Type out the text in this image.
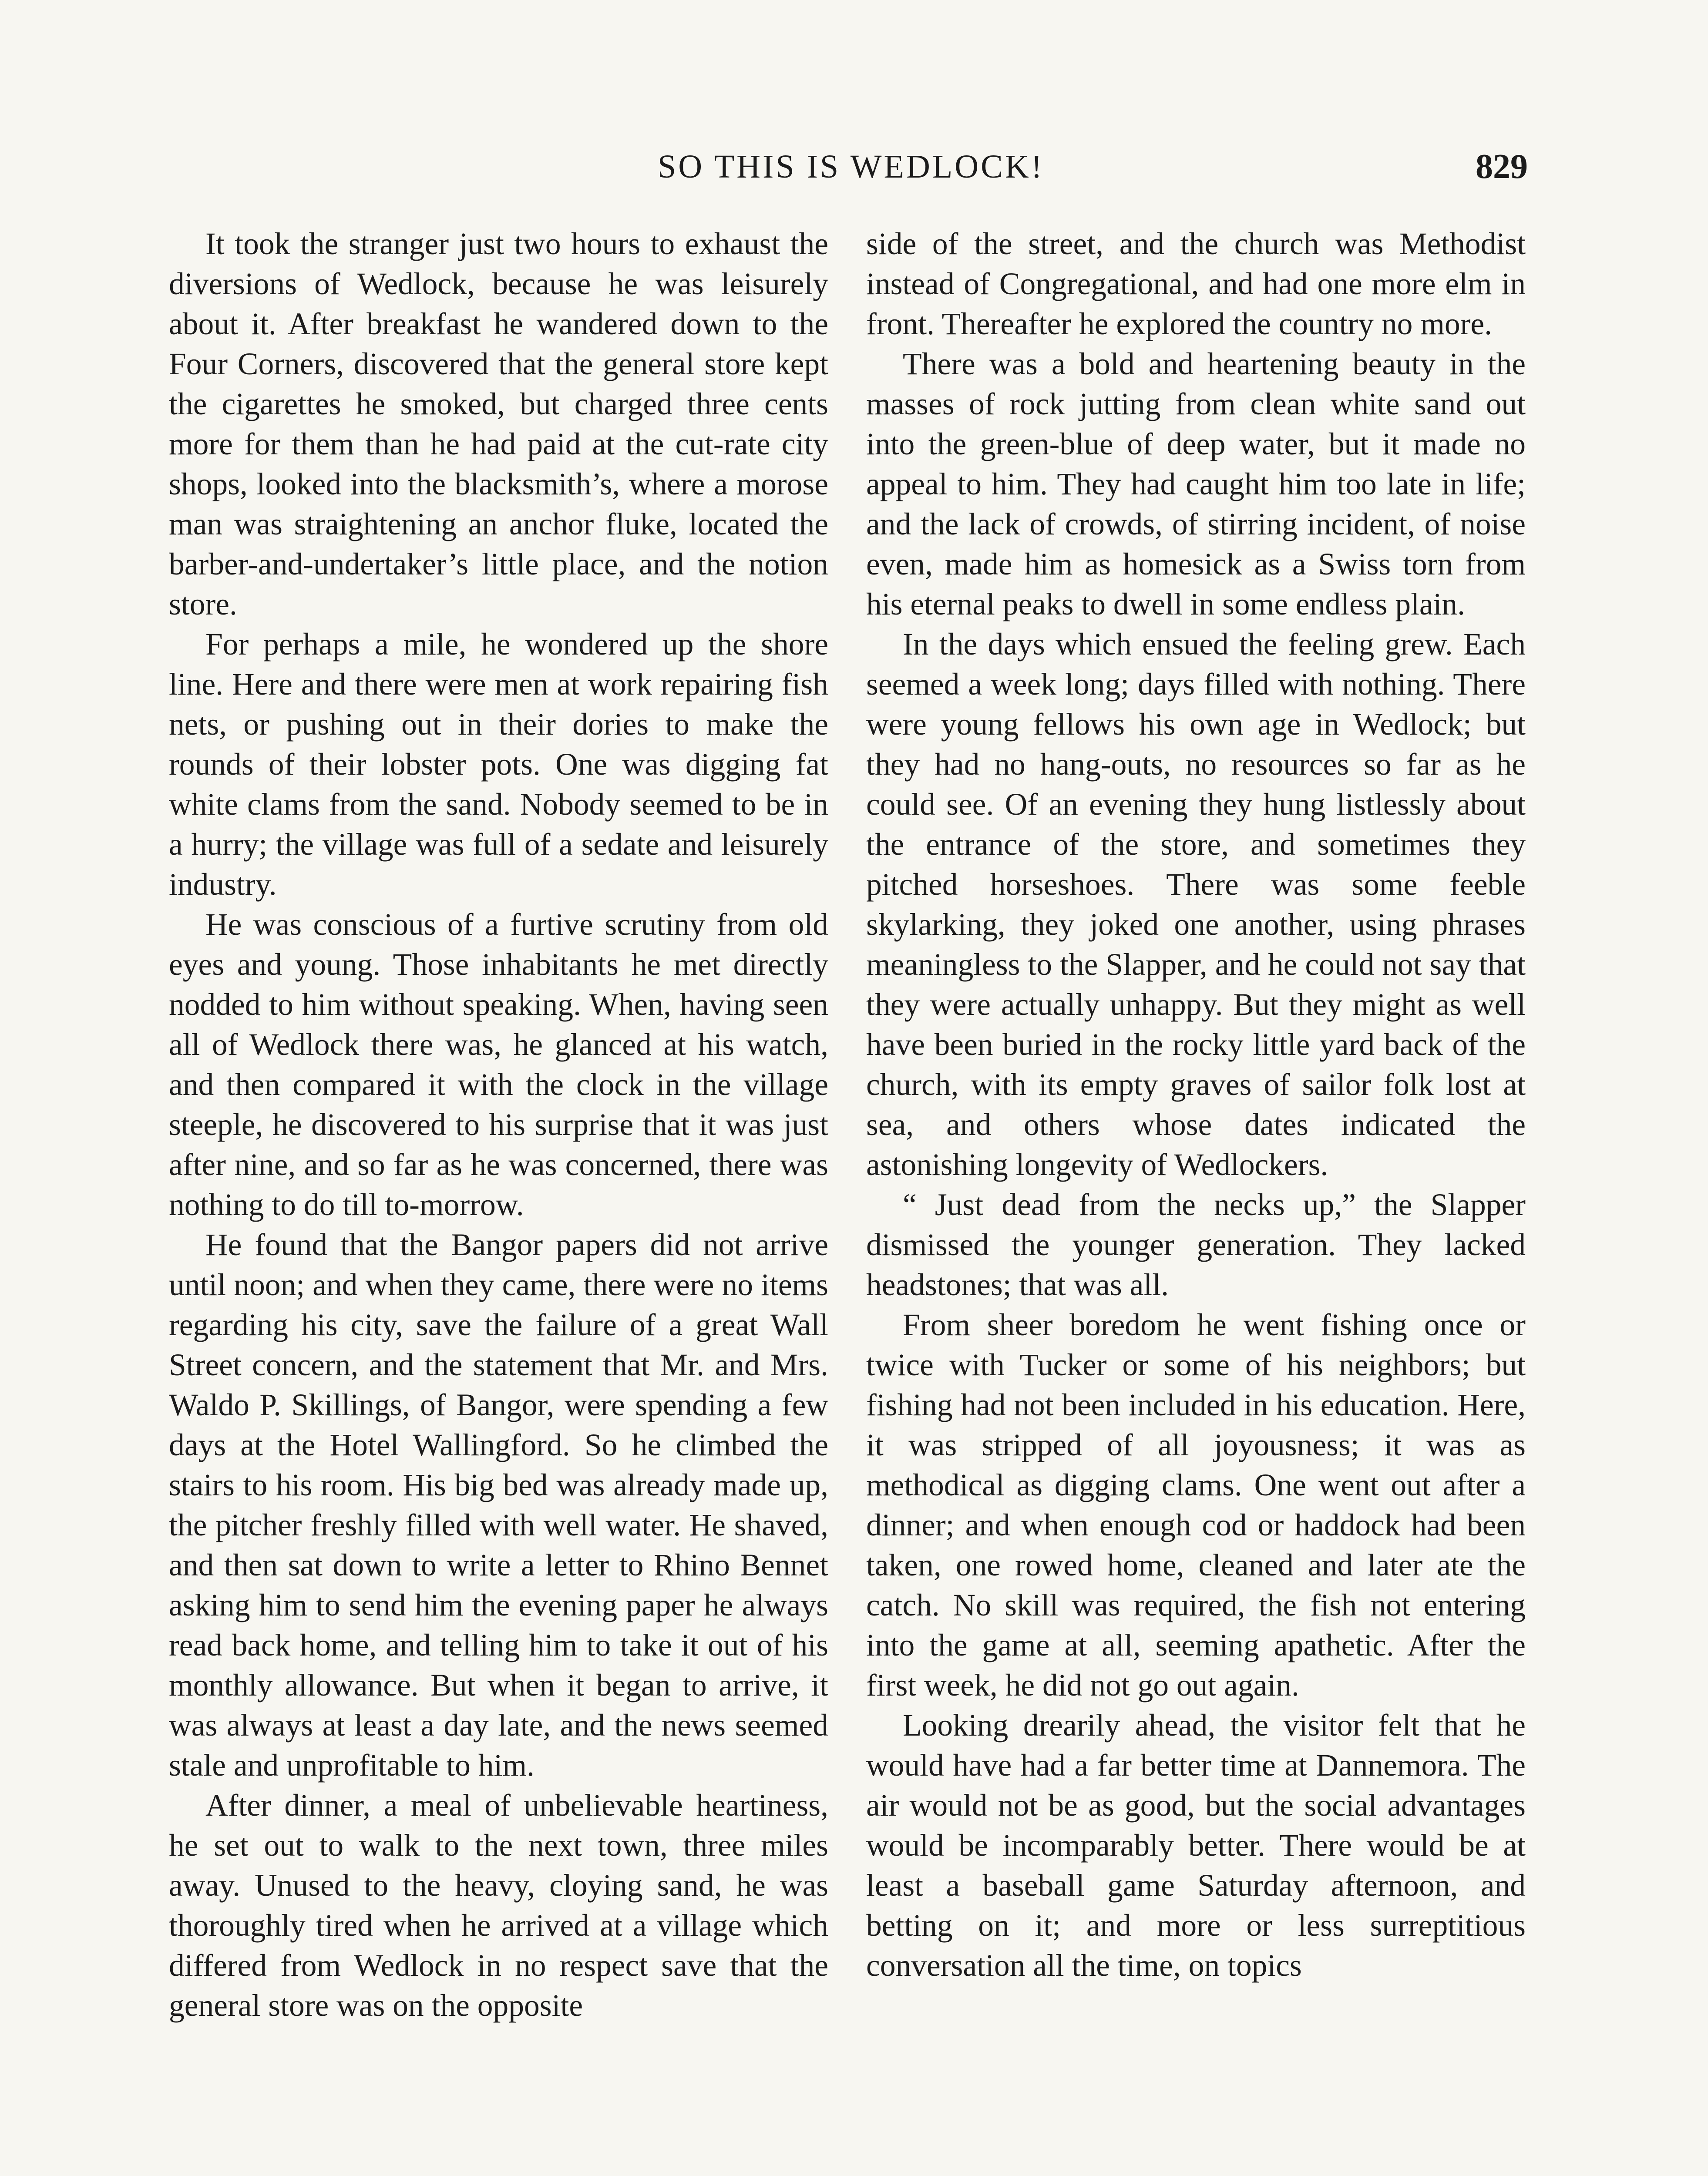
SO THIS IS WEDLOCK!	829

It took the stranger just two hours to exhaust the diversions of Wedlock, because he was leisurely about it. After breakfast he wandered down to the Four Corners, discovered that the general store kept the cigarettes he smoked, but charged three cents more for them than he had paid at the cut-rate city shops, looked into the blacksmith’s, where a morose man was straightening an anchor fluke, located the barber-and-undertaker’s little place, and the notion store.

For perhaps a mile, he wondered up the shore line. Here and there were men at work repairing fish nets, or pushing out in their dories to make the rounds of their lobster pots. One was digging fat white clams from the sand. Nobody seemed to be in a hurry; the village was full of a sedate and leisurely industry.

He was conscious of a furtive scrutiny from old eyes and young. Those inhabitants he met directly nodded to him without speaking. When, having seen all of Wedlock there was, he glanced at his watch, and then compared it with the clock in the village steeple, he discovered to his surprise that it was just after nine, and so far as he was concerned, there was nothing to do till to-morrow.

He found that the Bangor papers did not arrive until noon; and when they came, there were no items regarding his city, save the failure of a great Wall Street concern, and the statement that Mr. and Mrs. Waldo P. Skillings, of Bangor, were spending a few days at the Hotel Wallingford. So he climbed the stairs to his room. His big bed was already made up, the pitcher freshly filled with well water. He shaved, and then sat down to write a letter to Rhino Bennet asking him to send him the evening paper he always read back home, and telling him to take it out of his monthly allowance. But when it began to arrive, it was always at least a day late, and the news seemed stale and unprofitable to him.

After dinner, a meal of unbelievable heartiness, he set out to walk to the next town, three miles away. Unused to the heavy, cloying sand, he was thoroughly tired when he arrived at a village which differed from Wedlock in no respect save that the general store was on the opposite

side of the street, and the church was Methodist instead of Congregational, and had one more elm in front. Thereafter he explored the country no more.

There was a bold and heartening beauty in the masses of rock jutting from clean white sand out into the green-blue of deep water, but it made no appeal to him. They had caught him too late in life; and the lack of crowds, of stirring incident, of noise even, made him as homesick as a Swiss torn from his eternal peaks to dwell in some endless plain.

In the days which ensued the feeling grew. Each seemed a week long; days filled with nothing. There were young fellows his own age in Wedlock; but they had no hang-outs, no resources so far as he could see. Of an evening they hung listlessly about the entrance of the store, and sometimes they pitched horseshoes. There was some feeble skylarking, they joked one another, using phrases meaningless to the Slapper, and he could not say that they were actually unhappy. But they might as well have been buried in the rocky little yard back of the church, with its empty graves of sailor folk lost at sea, and others whose dates indicated the astonishing longevity of Wedlockers.

“ Just dead from the necks up,” the Slapper dismissed the younger generation. They lacked headstones; that was all.

From sheer boredom he went fishing once or twice with Tucker or some of his neighbors; but fishing had not been included in his education. Here, it was stripped of all joyousness; it was as methodical as digging clams. One went out after a dinner; and when enough cod or haddock had been taken, one rowed home, cleaned and later ate the catch. No skill was required, the fish not entering into the game at all, seeming apathetic. After the first week, he did not go out again.

Looking drearily ahead, the visitor felt that he would have had a far better time at Dannemora. The air would not be as good, but the social advantages would be incomparably better. There would be at least a baseball game Saturday afternoon, and betting on it; and more or less surreptitious conversation all the time, on topics
